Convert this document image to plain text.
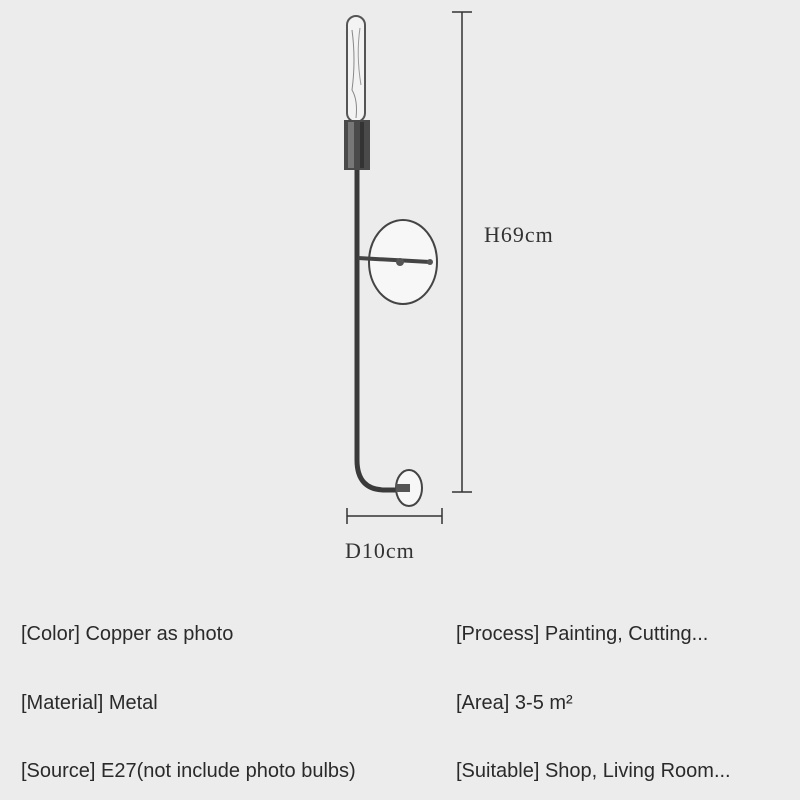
H69cm
D10cm
[Color] Copper as photo	[Process] Painting, Cutting...
[Material] Metal	[Area] 3-5 m²
[Source] E27(not include photo bulbs)	[Suitable] Shop, Living Room...
